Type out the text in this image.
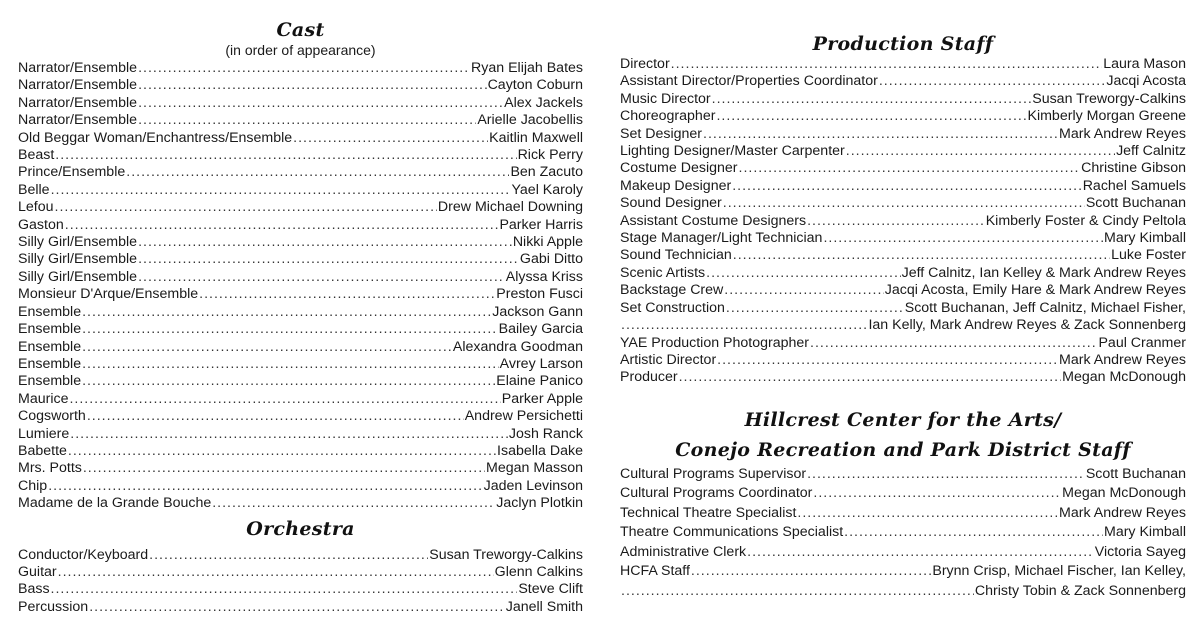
Cast
(in order of appearance)
Narrator/Ensemble .....	Ryan Elijah Bates
Narrator/Ensemble .....	Cayton Coburn
Narrator/Ensemble .....	Alex Jackels
Narrator/Ensemble .....	Arielle Jacobellis
Old Beggar Woman/Enchantress/Ensemble .....	Kaitlin Maxwell
Beast .....	Rick Perry
Prince/Ensemble .....	Ben Zacuto
Belle .....	Yael Karoly
Lefou .....	Drew Michael Downing
Gaston .....	Parker Harris
Silly Girl/Ensemble .....	Nikki Apple
Silly Girl/Ensemble .....	Gabi Ditto
Silly Girl/Ensemble .....	Alyssa Kriss
Monsieur D'Arque/Ensemble .....	Preston Fusci
Ensemble .....	Jackson Gann
Ensemble .....	Bailey Garcia
Ensemble .....	Alexandra Goodman
Ensemble .....	Avrey Larson
Ensemble .....	Elaine Panico
Maurice .....	Parker Apple
Cogsworth .....	Andrew Persichetti
Lumiere .....	Josh Ranck
Babette .....	Isabella Dake
Mrs. Potts .....	Megan Masson
Chip .....	Jaden Levinson
Madame de la Grande Bouche .....	Jaclyn Plotkin
Orchestra
Conductor/Keyboard .....	Susan Treworgy-Calkins
Guitar .....	Glenn Calkins
Bass .....	Steve Clift
Percussion .....	Janell Smith
Production Staff
Director .....	Laura Mason
Assistant Director/Properties Coordinator .....	Jacqi Acosta
Music Director .....	Susan Treworgy-Calkins
Choreographer .....	Kimberly Morgan Greene
Set Designer .....	Mark Andrew Reyes
Lighting Designer/Master Carpenter .....	Jeff Calnitz
Costume Designer .....	Christine Gibson
Makeup Designer .....	Rachel Samuels
Sound Designer .....	Scott Buchanan
Assistant Costume Designers .....	Kimberly Foster & Cindy Peltola
Stage Manager/Light Technician .....	Mary Kimball
Sound Technician .....	Luke Foster
Scenic Artists .....	Jeff Calnitz, Ian Kelley & Mark Andrew Reyes
Backstage Crew .....	Jacqi Acosta, Emily Hare & Mark Andrew Reyes
Set Construction .....	Scott Buchanan, Jeff Calnitz, Michael Fisher,
.....
Ian Kelly, Mark Andrew Reyes & Zack Sonnenberg
YAE Production Photographer .....	Paul Cranmer
Artistic Director .....	Mark Andrew Reyes
Producer .....	Megan McDonough
Hillcrest Center for the Arts/
Conejo Recreation and Park District Staff
Cultural Programs Supervisor .....	Scott Buchanan
Cultural Programs Coordinator .....	Megan McDonough
Technical Theatre Specialist .....	Mark Andrew Reyes
Theatre Communications Specialist .....	Mary Kimball
Administrative Clerk .....	Victoria Sayeg
HCFA Staff .....	Brynn Crisp, Michael Fischer, Ian Kelley,
.....
Christy Tobin & Zack Sonnenberg
